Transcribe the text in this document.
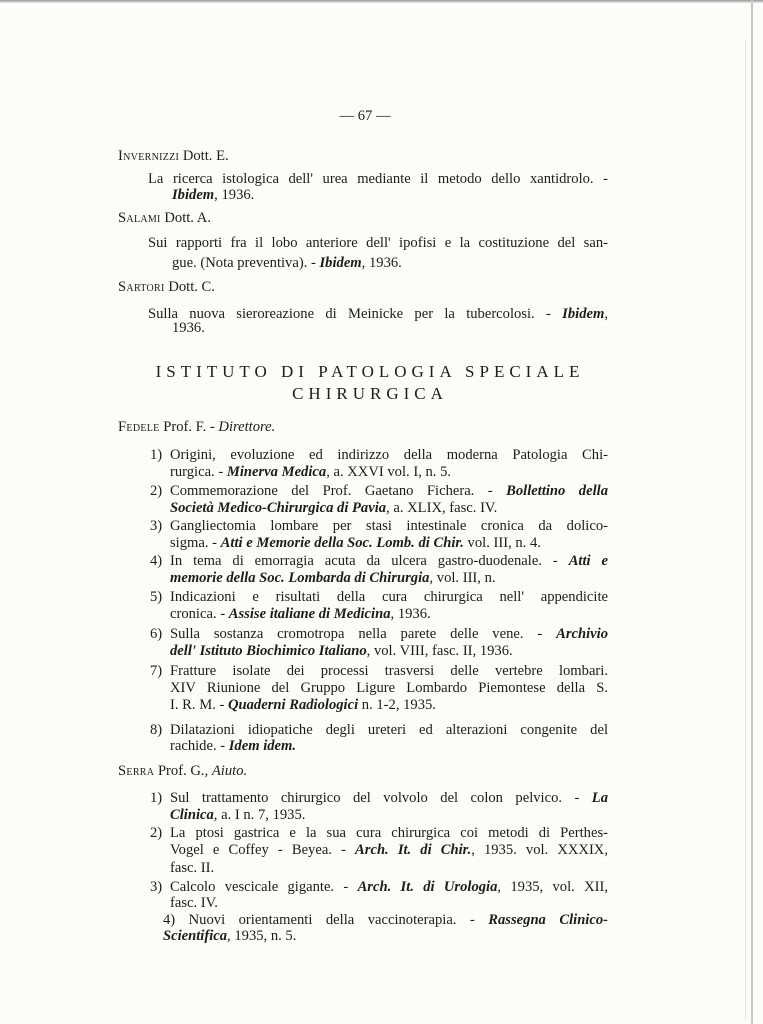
— 67 —
Invernizzi Dott. E.
La ricerca istologica dell' urea mediante il metodo dello xantidrolo. -
Ibidem, 1936.
Salami Dott. A.
Sui rapporti fra il lobo anteriore dell' ipofisi e la costituzione del san-
gue. (Nota preventiva). - Ibidem, 1936.
Sartori Dott. C.
Sulla nuova sieroreazione di Meinicke per la tubercolosi. - Ibidem,
1936.
ISTITUTO DI PATOLOGIA SPECIALE
CHIRURGICA
Fedele Prof. F. - Direttore.
1) Origini, evoluzione ed indirizzo della moderna Patologia Chi-
rurgica. - Minerva Medica, a. XXVI vol. I, n. 5.
2) Commemorazione del Prof. Gaetano Fichera. - Bollettino della
Società Medico-Chirurgica di Pavia, a. XLIX, fasc. IV.
3) Gangliectomia lombare per stasi intestinale cronica da dolico-
sigma. - Atti e Memorie della Soc. Lomb. di Chir. vol. III, n. 4.
4) In tema di emorragia acuta da ulcera gastro-duodenale. - Atti e
memorie della Soc. Lombarda di Chirurgia, vol. III, n.
5) Indicazioni e risultati della cura chirurgica nell' appendicite
cronica. - Assise italiane di Medicina, 1936.
6) Sulla sostanza cromotropa nella parete delle vene. - Archivio
dell' Istituto Biochimico Italiano, vol. VIII, fasc. II, 1936.
7) Fratture isolate dei processi trasversi delle vertebre lombari.
XIV Riunione del Gruppo Ligure Lombardo Piemontese della S.
I. R. M. - Quaderni Radiologici n. 1-2, 1935.
8) Dilatazioni idiopatiche degli ureteri ed alterazioni congenite del
rachide. - Idem idem.
Serra Prof. G., Aiuto.
1) Sul trattamento chirurgico del volvolo del colon pelvico. - La
Clinica, a. I n. 7, 1935.
2) La ptosi gastrica e la sua cura chirurgica coi metodi di Perthes-
Vogel e Coffey - Beyea. - Arch. It. di Chir., 1935. vol. XXXIX,
fasc. II.
3) Calcolo vescicale gigante. - Arch. It. di Urologia, 1935, vol. XII,
fasc. IV.
4) Nuovi orientamenti della vaccinoterapia. - Rassegna Clinico-
Scientifica, 1935, n. 5.
